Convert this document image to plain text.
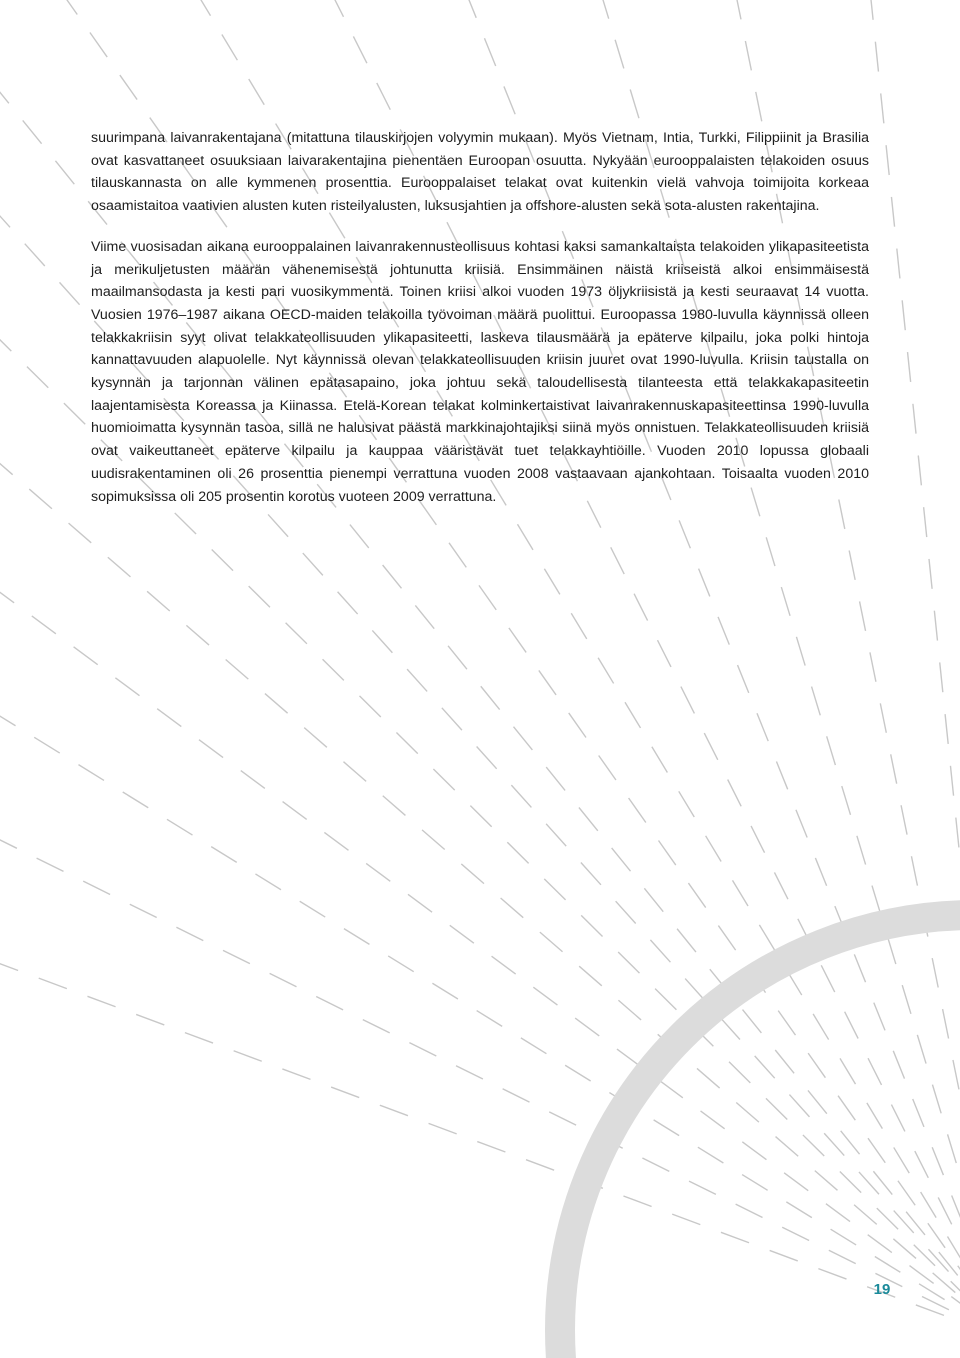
suurimpana laivanrakentajana (mitattuna tilauskirjojen volyymin mukaan). Myös Vietnam, Intia, Turkki, Filippiinit ja Brasilia ovat kasvattaneet osuuksiaan laivarakentajina pienentäen Euroopan osuutta. Nykyään eurooppalaisten telakoiden osuus tilauskannasta on alle kymmenen prosenttia. Eurooppalaiset telakat ovat kuitenkin vielä vahvoja toimijoita korkeaa osaamistaitoa vaativien alusten kuten risteilyalusten, luksusjahtien ja offshore-alusten sekä sota-alusten rakentajina.

Viime vuosisadan aikana eurooppalainen laivanrakennusteollisuus kohtasi kaksi samankaltaista telakoiden ylikapasiteetista ja merikuljetusten määrän vähenemisestä johtunutta kriisiä. Ensimmäinen näistä kriiseistä alkoi ensimmäisestä maailmansodasta ja kesti pari vuosikymmentä. Toinen kriisi alkoi vuoden 1973 öljykriisistä ja kesti seuraavat 14 vuotta. Vuosien 1976–1987 aikana OECD-maiden telakoilla työvoiman määrä puolittui. Euroopassa 1980-luvulla käynnissä olleen telakkakriisin syyt olivat telakkateollisuuden ylikapasiteetti, laskeva tilausmäärä ja epäterve kilpailu, joka polki hintoja kannattavuuden alapuolelle. Nyt käynnissä olevan telakkateollisuuden kriisin juuret ovat 1990-luvulla. Kriisin taustalla on kysynnän ja tarjonnan välinen epätasapaino, joka johtuu sekä taloudellisesta tilanteesta että telakkakapasiteetin laajentamisesta Koreassa ja Kiinassa. Etelä-Korean telakat kolminkertaistivat laivanrakennuskapasiteettinsa 1990-luvulla huomioimatta kysynnän tasoa, sillä ne halusivat päästä markkinajohtajiksi siinä myös onnistuen. Telakkateollisuuden kriisiä ovat vaikeuttaneet epäterve kilpailu ja kauppaa vääristävät tuet telakkayhtiöille. Vuoden 2010 lopussa globaali uudisrakentaminen oli 26 prosenttia pienempi verrattuna vuoden 2008 vastaavaan ajankohtaan. Toisaalta vuoden 2010 sopimuksissa oli 205 prosentin korotus vuoteen 2009 verrattuna.

19
